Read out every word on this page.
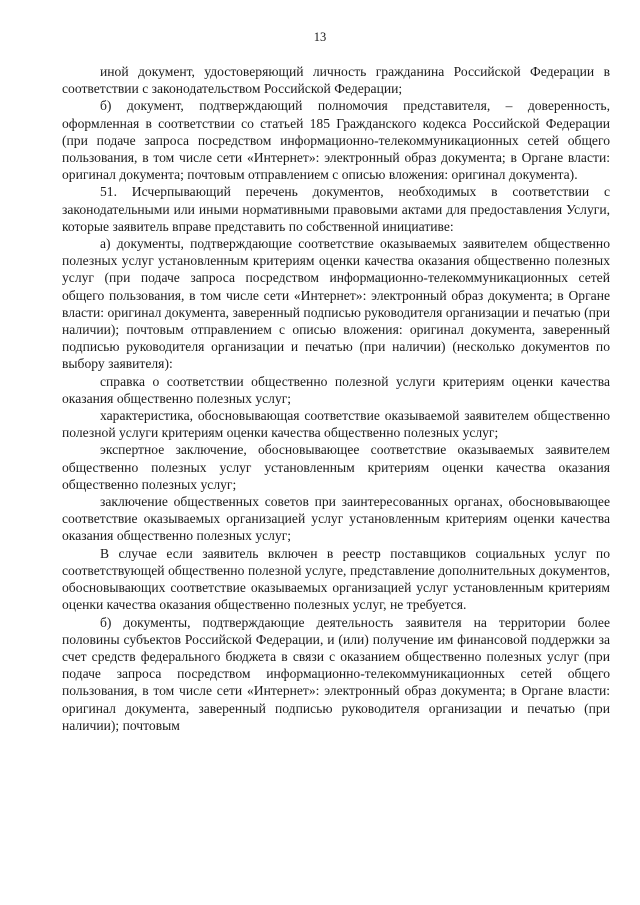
13

иной документ, удостоверяющий личность гражданина Российской Федерации в соответствии с законодательством Российской Федерации;

б) документ, подтверждающий полномочия представителя, – доверенность, оформленная в соответствии со статьей 185 Гражданского кодекса Российской Федерации (при подаче запроса посредством информационно-телекоммуникационных сетей общего пользования, в том числе сети «Интернет»: электронный образ документа; в Органе власти: оригинал документа; почтовым отправлением с описью вложения: оригинал документа).

51. Исчерпывающий перечень документов, необходимых в соответствии с законодательными или иными нормативными правовыми актами для предоставления Услуги, которые заявитель вправе представить по собственной инициативе:

а) документы, подтверждающие соответствие оказываемых заявителем общественно полезных услуг установленным критериям оценки качества оказания общественно полезных услуг (при подаче запроса посредством информационно-телекоммуникационных сетей общего пользования, в том числе сети «Интернет»: электронный образ документа; в Органе власти: оригинал документа, заверенный подписью руководителя организации и печатью (при наличии); почтовым отправлением с описью вложения: оригинал документа, заверенный подписью руководителя организации и печатью (при наличии) (несколько документов по выбору заявителя):

справка о соответствии общественно полезной услуги критериям оценки качества оказания общественно полезных услуг;

характеристика, обосновывающая соответствие оказываемой заявителем общественно полезной услуги критериям оценки качества общественно полезных услуг;

экспертное заключение, обосновывающее соответствие оказываемых заявителем общественно полезных услуг установленным критериям оценки качества оказания общественно полезных услуг;

заключение общественных советов при заинтересованных органах, обосновывающее соответствие оказываемых организацией услуг установленным критериям оценки качества оказания общественно полезных услуг;

В случае если заявитель включен в реестр поставщиков социальных услуг по соответствующей общественно полезной услуге, представление дополнительных документов, обосновывающих соответствие оказываемых организацией услуг установленным критериям оценки качества оказания общественно полезных услуг, не требуется.

б) документы, подтверждающие деятельность заявителя на территории более половины субъектов Российской Федерации, и (или) получение им финансовой поддержки за счет средств федерального бюджета в связи с оказанием общественно полезных услуг (при подаче запроса посредством информационно-телекоммуникационных сетей общего пользования, в том числе сети «Интернет»: электронный образ документа; в Органе власти: оригинал документа, заверенный подписью руководителя организации и печатью (при наличии); почтовым
